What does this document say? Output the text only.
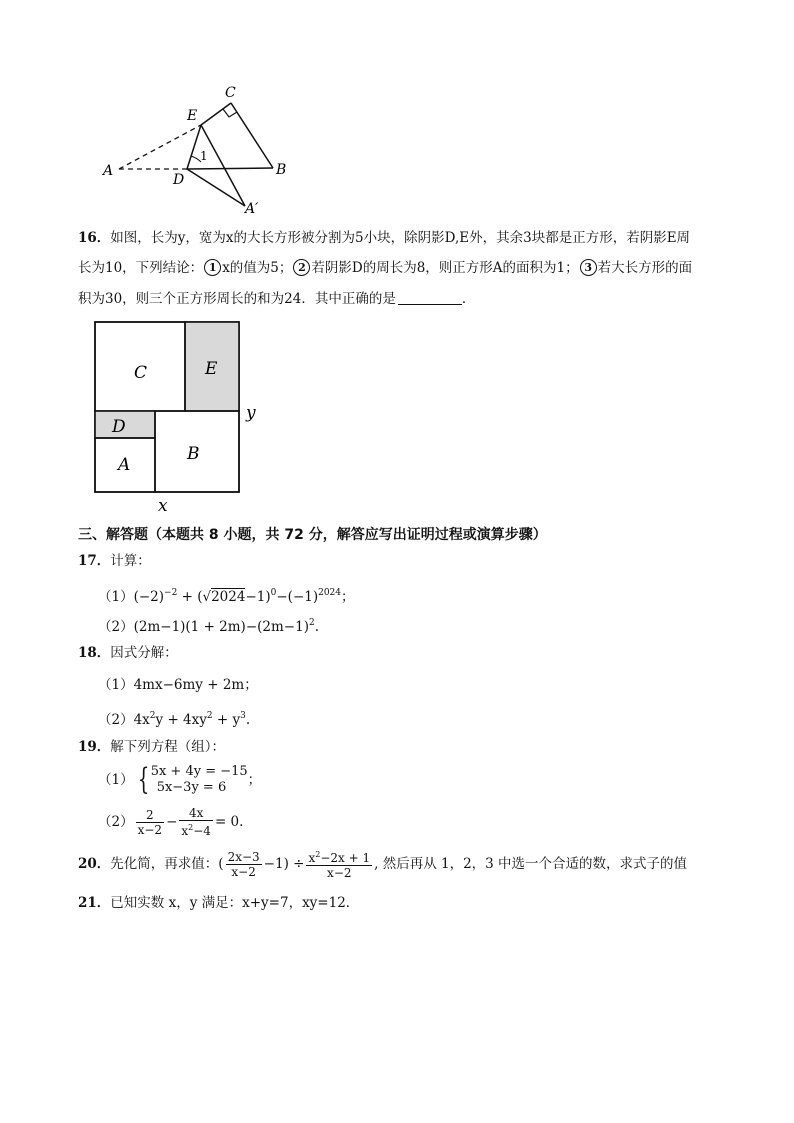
C
E
1
A
D
B
A′
16．如图，长为y，宽为x的大长方形被分割为5小块，除阴影D,E外，其余3块都是正方形，若阴影E周
长为10，下列结论： 1 x的值为5； 2 若阴影D的周长为8，则正方形A的面积为1； 3 若大长方形的面
积为30，则三个正方形周长的和为24．其中正确的是	．
C	E
D
A
B
y
x
三、解答题（本题共 8 小题，共 72 分，解答应写出证明过程或演算步骤）
17．计算：
$(1)(-2)^{-2} + (√2024-1)^0-(-1)^{2024}$；
$(2)(2m-1)(1 + 2m)-(2m-1)^2$.
18．因式分解：
（1）4mx−6my + 2m；
$(2)4x^2y + 4xy^2 + y^3$.
19．解下列方程（组）：
（1） { 5x + 4y = −15
5x−3y = 6	；
$(2) \frac{2}{x-2} - \frac{4x}{x^2-4} = 0$.
20．先化简，再求值：( $\frac{2x-3}{x-2} -1) \div \frac{x^2-2x + 1}{x-2}$ , 然后再从 1，2，3 中选一个合适的数，求式子的值
21．已知实数 x，y 满足：x+y=7，xy=12．
